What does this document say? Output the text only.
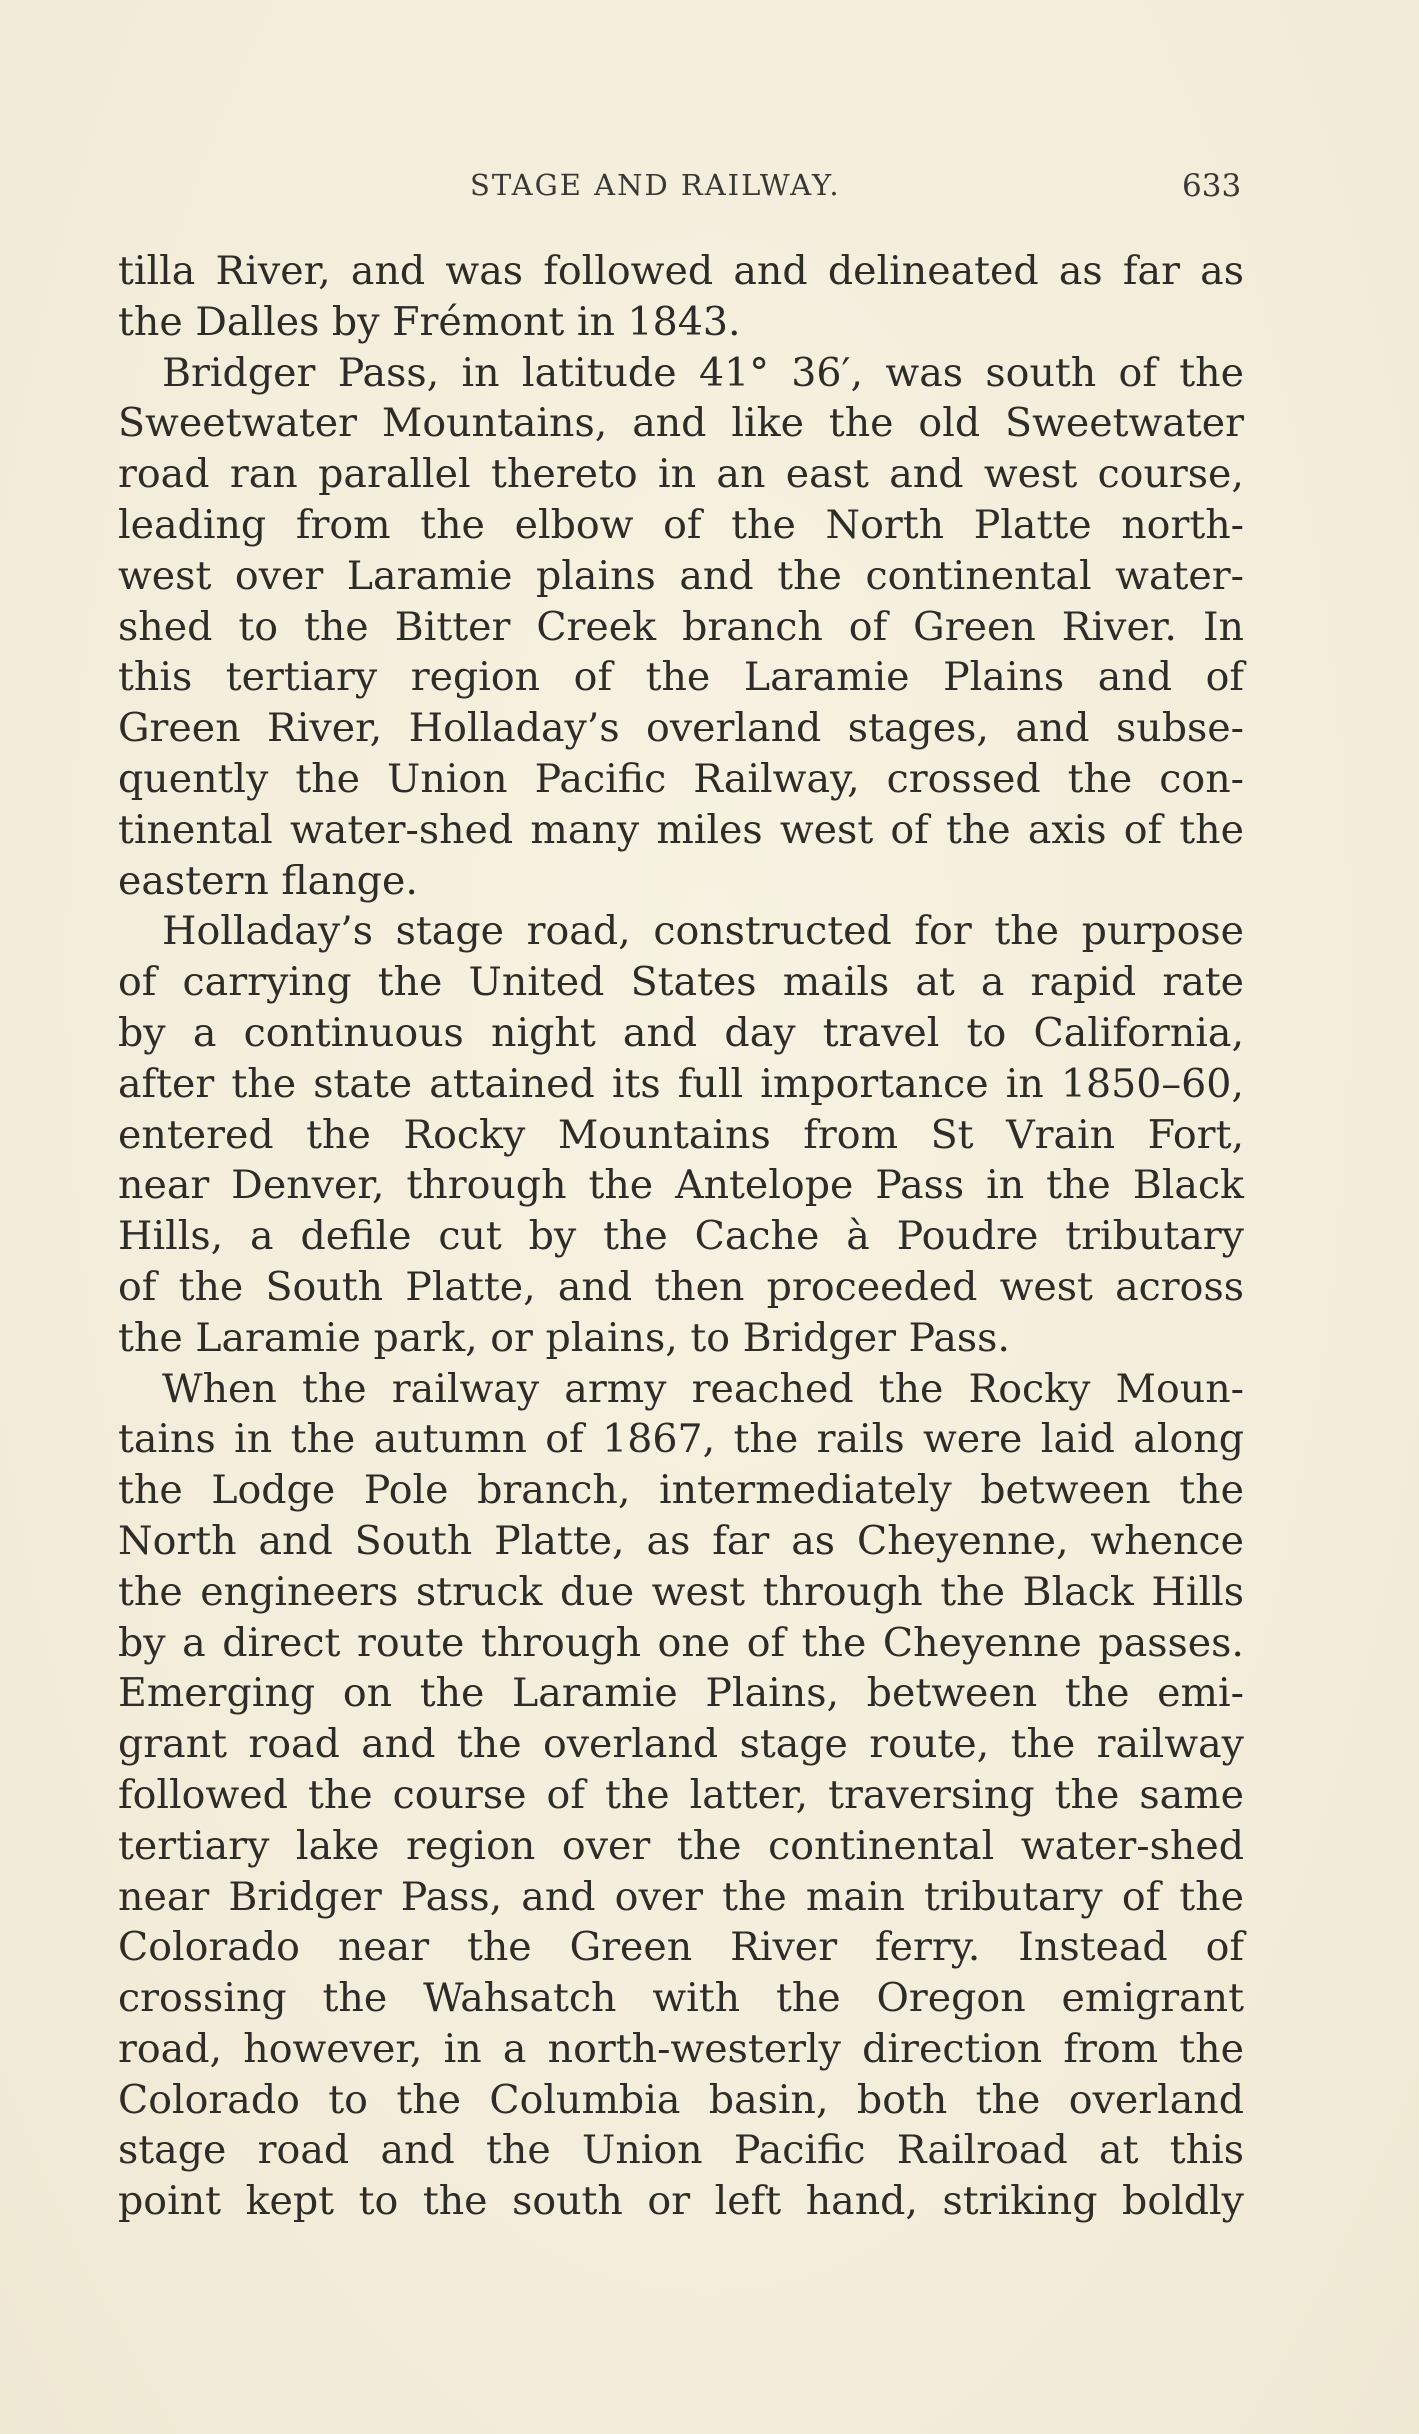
STAGE AND RAILWAY.	633
tilla River, and was followed and delineated as far as
the Dalles by Frémont in 1843.
Bridger Pass, in latitude 41° 36′, was south of the
Sweetwater Mountains, and like the old Sweetwater
road ran parallel thereto in an east and west course,
leading from the elbow of the North Platte north-
west over Laramie plains and the continental water-
shed to the Bitter Creek branch of Green River. In
this tertiary region of the Laramie Plains and of
Green River, Holladay’s overland stages, and subse-
quently the Union Pacific Railway, crossed the con-
tinental water-shed many miles west of the axis of the
eastern flange.
Holladay’s stage road, constructed for the purpose
of carrying the United States mails at a rapid rate
by a continuous night and day travel to California,
after the state attained its full importance in 1850–60,
entered the Rocky Mountains from St Vrain Fort,
near Denver, through the Antelope Pass in the Black
Hills, a defile cut by the Cache à Poudre tributary
of the South Platte, and then proceeded west across
the Laramie park, or plains, to Bridger Pass.
When the railway army reached the Rocky Moun-
tains in the autumn of 1867, the rails were laid along
the Lodge Pole branch, intermediately between the
North and South Platte, as far as Cheyenne, whence
the engineers struck due west through the Black Hills
by a direct route through one of the Cheyenne passes.
Emerging on the Laramie Plains, between the emi-
grant road and the overland stage route, the railway
followed the course of the latter, traversing the same
tertiary lake region over the continental water-shed
near Bridger Pass, and over the main tributary of the
Colorado near the Green River ferry. Instead of
crossing the Wahsatch with the Oregon emigrant
road, however, in a north-westerly direction from the
Colorado to the Columbia basin, both the overland
stage road and the Union Pacific Railroad at this
point kept to the south or left hand, striking boldly
